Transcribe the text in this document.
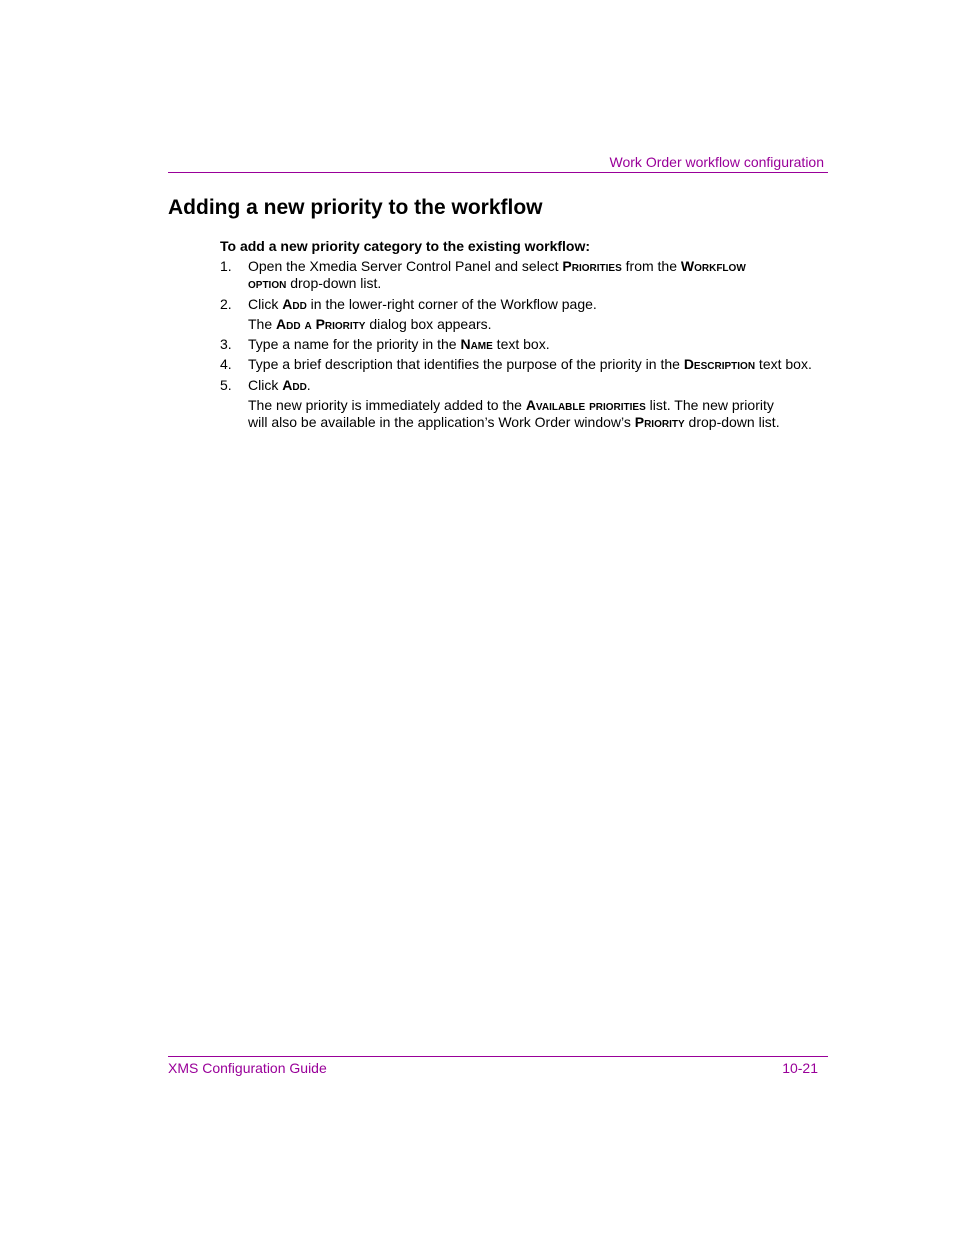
Work Order workflow configuration
Adding a new priority to the workflow
To add a new priority category to the existing workflow:
1. Open the Xmedia Server Control Panel and select Priorities from the Workflow
option drop-down list.
2. Click Add in the lower-right corner of the Workflow page.
The Add a Priority dialog box appears.
3. Type a name for the priority in the Name text box.
4. Type a brief description that identifies the purpose of the priority in the Description text box.
5. Click Add.
The new priority is immediately added to the Available priorities list. The new priority
will also be available in the application’s Work Order window’s Priority drop-down list.
XMS Configuration Guide	10-21
